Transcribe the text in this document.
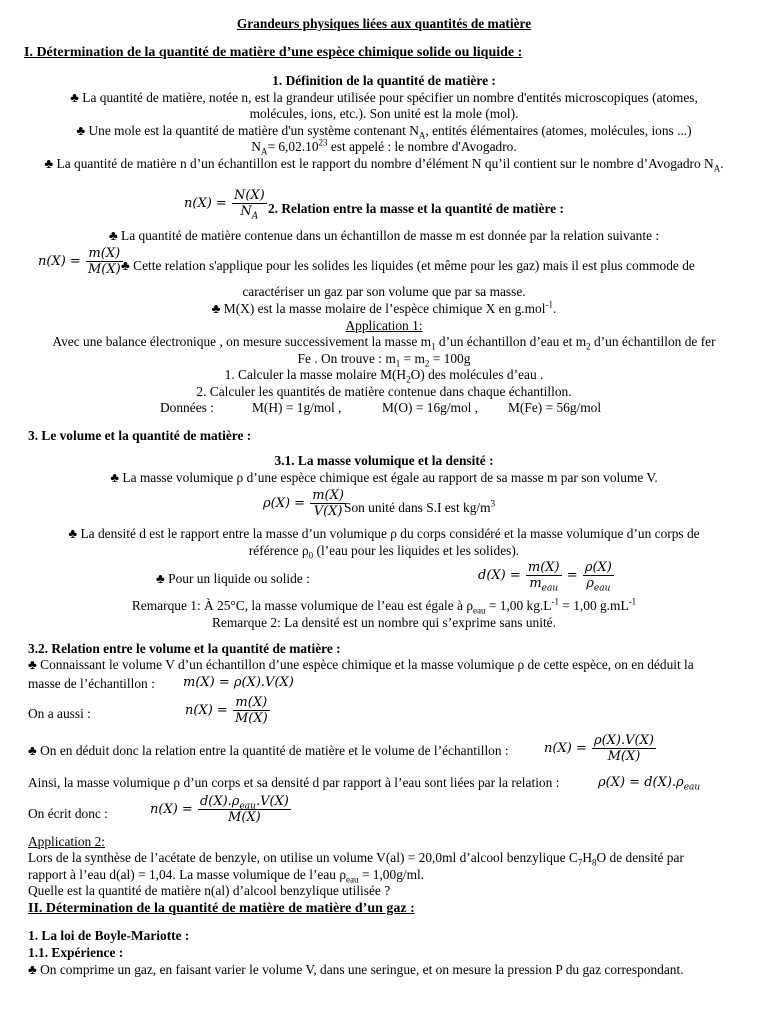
Grandeurs physiques liées aux quantités de matière
I. Détermination de la quantité de matière d’une espèce chimique solide ou liquide :
1. Définition de la quantité de matière :
♣ La quantité de matière, notée n, est la grandeur utilisée pour spécifier un nombre d'entités microscopiques (atomes, molécules, ions, etc.). Son unité est la mole (mol).
♣ Une mole est la quantité de matière d'un système contenant $N_A$, entités élémentaires (atomes, molécules, ions ...)
$N_A= 6,02.10^{23}$ est appelé : le nombre d'Avogadro.
♣ La quantité de matière n d’un échantillon est le rapport du nombre d’élément N qu’il contient sur le nombre d’Avogadro $N_A$.
$n(X) = \frac{N(X)}{N_A} 2$. Relation entre la masse et la quantité de matière :
♣ La quantité de matière contenue dans un échantillon de masse m est donnée par la relation suivante :
$n(X) = \frac{m(X)}{M(X)}$
♣ Cette relation s'applique pour les solides les liquides (et même pour les gaz) mais il est plus commode de
caractériser un gaz par son volume que par sa masse.
♣ M(X) est la masse molaire de l’espèce chimique X en g.mol$^{-1}$.
Application 1:
Avec une balance électronique , on mesure successivement la masse $m_1$ d’un échantillon d’eau et $m_2$ d’un échantillon de fer
Fe . On trouve : $m_1 = m_2 = 100g$
1. Calculer la masse molaire $M(H_2O)$ des molécules d’eau .
2. Calculer les quantités de matière contenue dans chaque échantillon.
Données :	M(H) = 1g/mol ,	M(O) = 16g/mol , M(Fe) = 56g/mol
3. Le volume et la quantité de matière :
3.1. La masse volumique et la densité :
♣ La masse volumique ρ d’une espèce chimique est égale au rapport de sa masse m par son volume V.
$\rho(X) = \frac{m(X)}{V(X)}$
Son unité dans S.I est $kg/m^3$
♣ La densité d est le rapport entre la masse d’un volumique ρ du corps considéré et la masse volumique d’un corps de
référence $\rho_0$ (l’eau pour les liquides et les solides).
♣ Pour un liquide ou solide :	$d(X) = \frac{m(X)}{m_{eau}} = \frac{\rho(X)}{\rho_{eau}}$
Remarque 1: À 25°C, la masse volumique de l’eau est égale à $\rho_{eau} = 1,00$ $kg.L^{-1} = 1,00$ $g.mL^{-1}$
Remarque 2: La densité est un nombre qui s’exprime sans unité.
3.2. Relation entre le volume et la quantité de matière :
♣ Connaissant le volume V d’un échantillon d’une espèce chimique et la masse volumique ρ de cette espèce, on en déduit la
masse de l’échantillon : m(X) = ρ(X).V(X)
On a aussi :	$n(X) = \frac{m(X)}{M(X)}$
♣ On en déduit donc la relation entre la quantité de matière et le volume de l’échantillon :	$n(X) = \frac{\rho(X).V(X)}{M(X)}$
Ainsi, la masse volumique ρ d’un corps et sa densité d par rapport à l’eau sont liées par la relation :	$\rho(X) = d(X).\rho_{eau}$
On écrit donc :	$n(X) = \frac{d(X).\rho_{eau}.V(X)}{M(X)}$
Application 2:
Lors de la synthèse de l’acétate de benzyle, on utilise un volume V(al) = 20,0ml d’alcool benzylique $C_7H_8O$ de densité par
rapport à l’eau d(al) = 1,04. La masse volumique de l’eau $\rho_{eau} = 1,00g/ml$.
Quelle est la quantité de matière n(al) d’alcool benzylique utilisée ?
II. Détermination de la quantité de matière de matière d’un gaz :
1. La loi de Boyle-Mariotte :
1.1. Expérience :
♣ On comprime un gaz, en faisant varier le volume V, dans une seringue, et on mesure la pression P du gaz correspondant.
